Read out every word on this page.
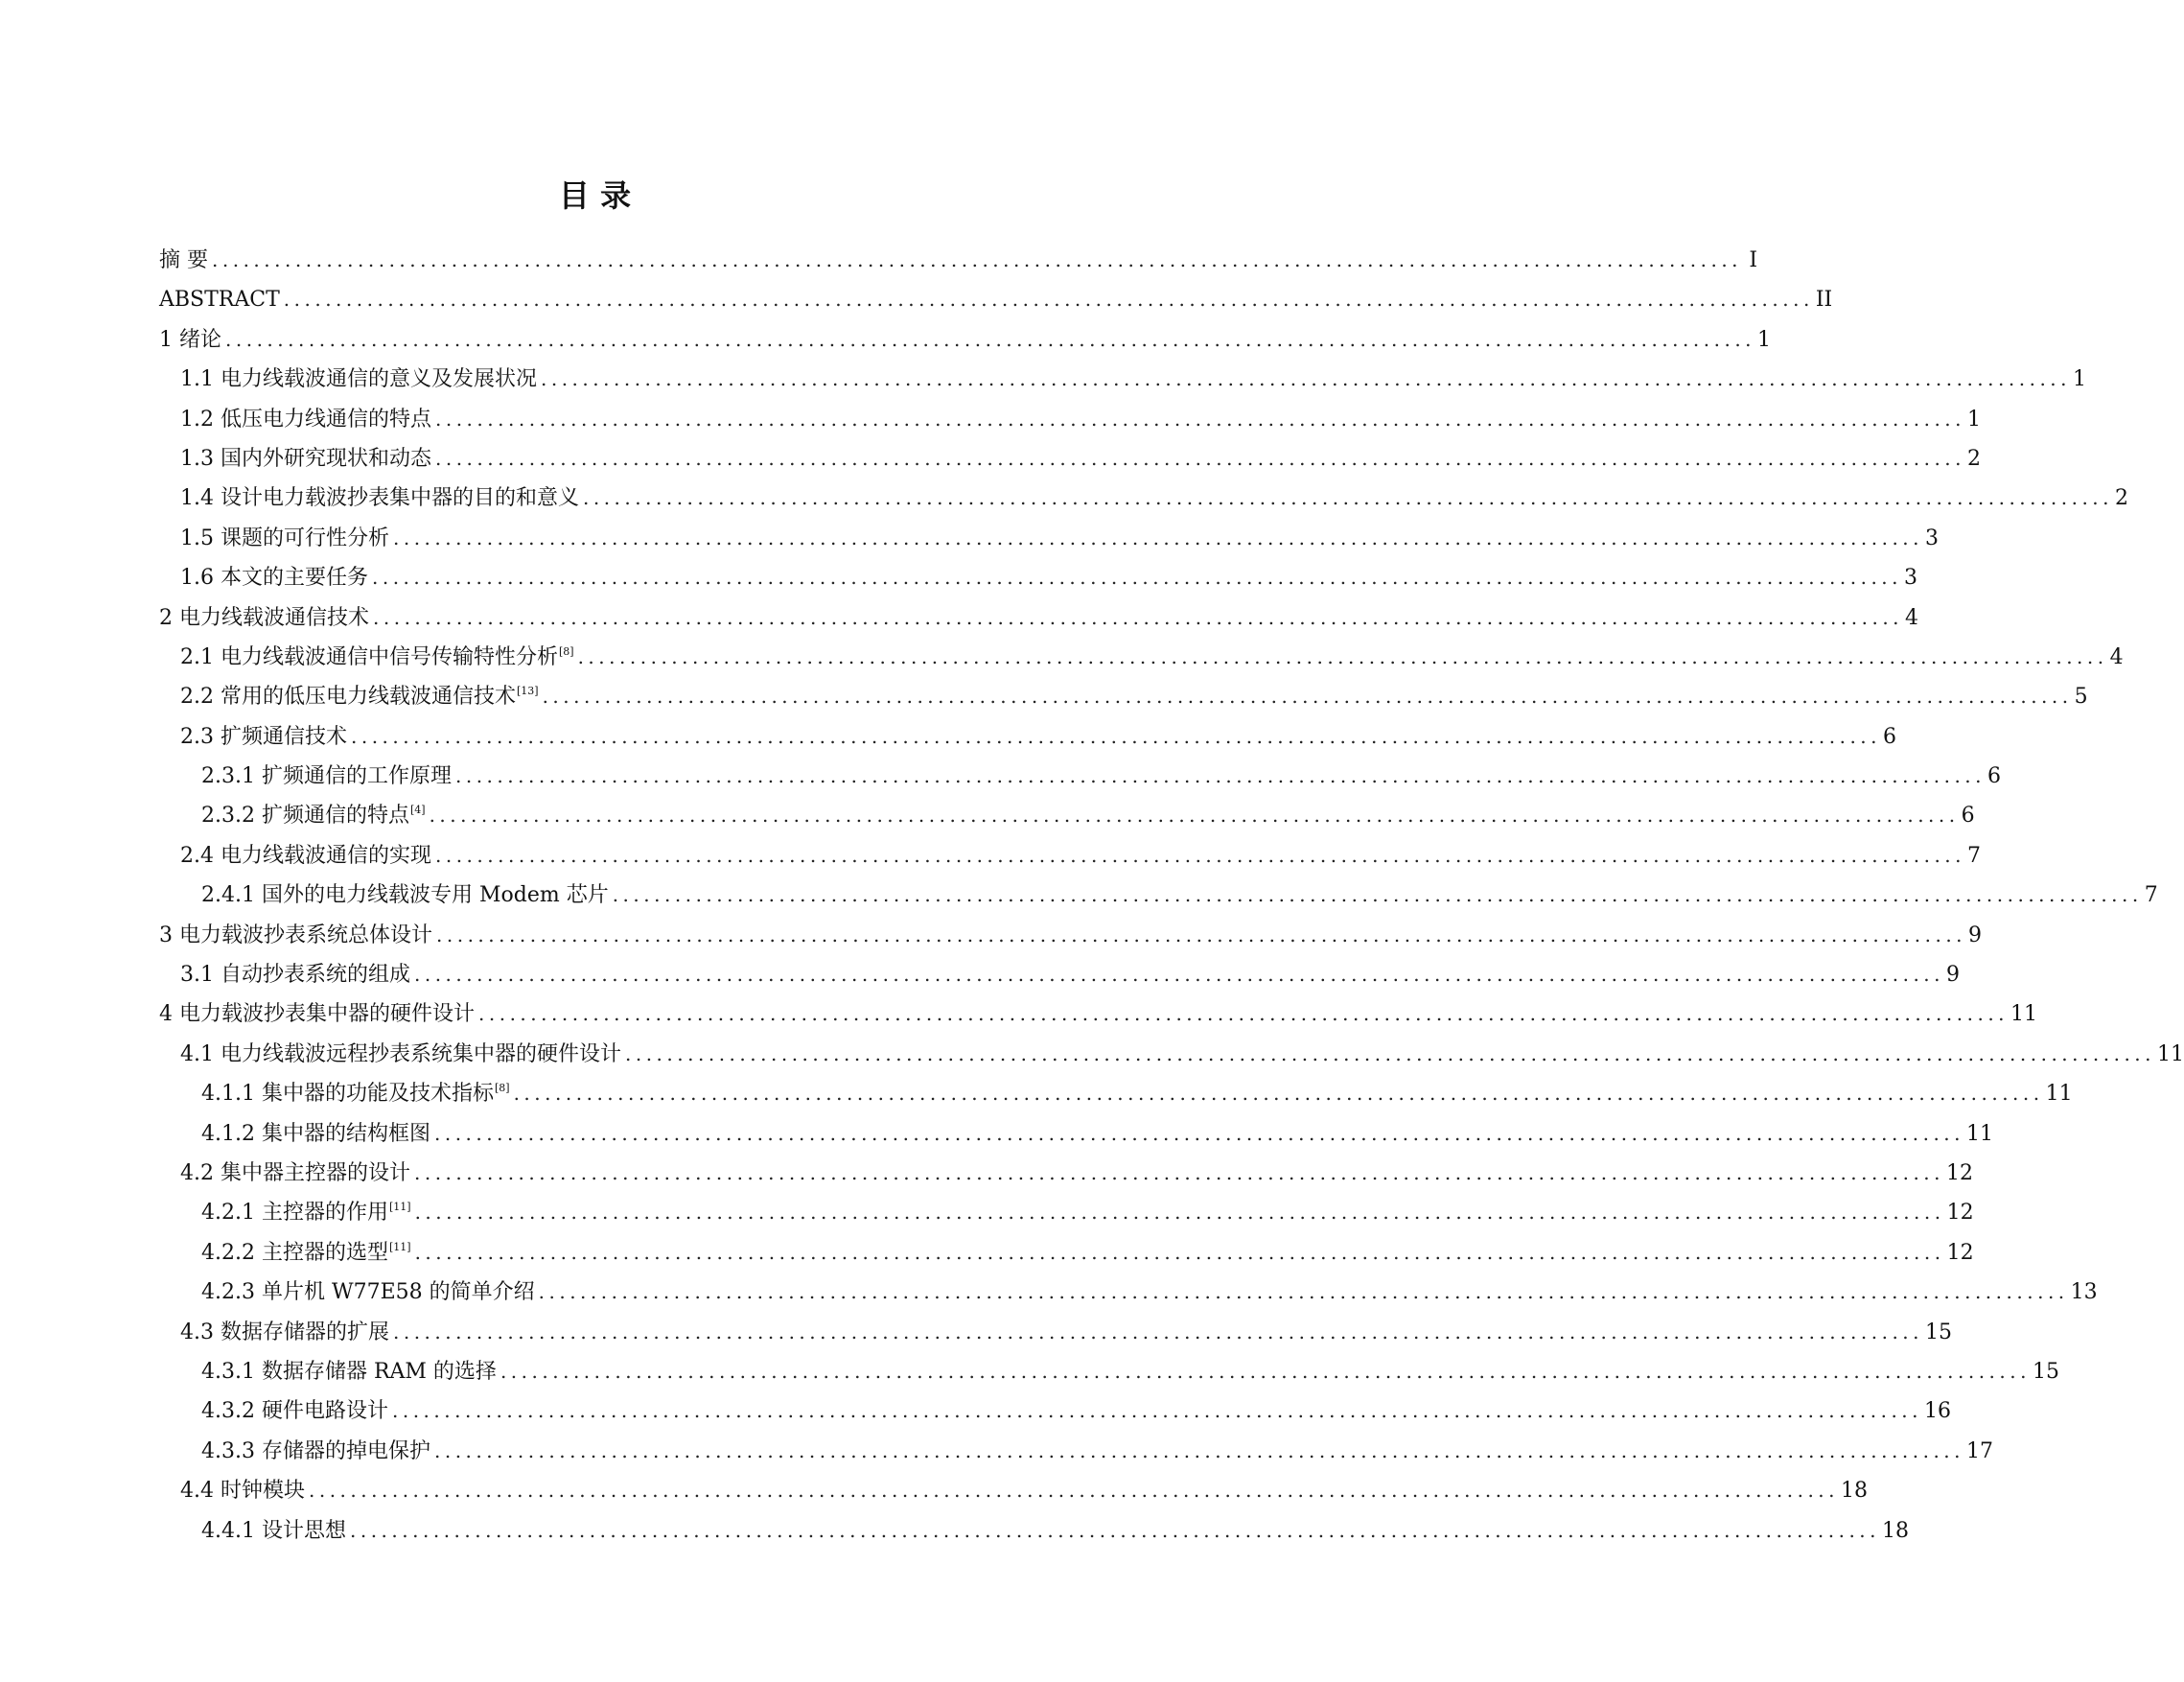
目 录
摘 要 ................................................................................................................................................... I
ABSTRACT ................................................................................................................................................... II
1 绪论 ................................................................................................................................................... 1
1.1 电力线载波通信的意义及发展状况 ................................................................................................................................................... 1
1.2 低压电力线通信的特点 ................................................................................................................................................... 1
1.3 国内外研究现状和动态 ................................................................................................................................................... 2
1.4 设计电力载波抄表集中器的目的和意义 ................................................................................................................................................... 2
1.5 课题的可行性分析 ................................................................................................................................................... 3
1.6 本文的主要任务 ................................................................................................................................................... 3
2 电力线载波通信技术 ................................................................................................................................................... 4
2.1 电力线载波通信中信号传输特性分析[8] ................................................................................................................................................... 4
2.2 常用的低压电力线载波通信技术[13] ................................................................................................................................................... 5
2.3 扩频通信技术 ................................................................................................................................................... 6
2.3.1 扩频通信的工作原理 ................................................................................................................................................... 6
2.3.2 扩频通信的特点[4] ................................................................................................................................................... 6
2.4 电力线载波通信的实现 ................................................................................................................................................... 7
2.4.1 国外的电力线载波专用 Modem 芯片 ................................................................................................................................................... 7
3 电力载波抄表系统总体设计 ................................................................................................................................................... 9
3.1 自动抄表系统的组成 ................................................................................................................................................... 9
4 电力载波抄表集中器的硬件设计 ................................................................................................................................................... 11
4.1 电力线载波远程抄表系统集中器的硬件设计 ................................................................................................................................................... 11
4.1.1 集中器的功能及技术指标[8] ................................................................................................................................................... 11
4.1.2 集中器的结构框图 ................................................................................................................................................... 11
4.2 集中器主控器的设计 ................................................................................................................................................... 12
4.2.1 主控器的作用[11] ................................................................................................................................................... 12
4.2.2 主控器的选型[11] ................................................................................................................................................... 12
4.2.3 单片机 W77E58 的简单介绍 ................................................................................................................................................... 13
4.3 数据存储器的扩展 ................................................................................................................................................... 15
4.3.1 数据存储器 RAM 的选择 ................................................................................................................................................... 15
4.3.2 硬件电路设计 ................................................................................................................................................... 16
4.3.3 存储器的掉电保护 ................................................................................................................................................... 17
4.4 时钟模块 ................................................................................................................................................... 18
4.4.1 设计思想 ................................................................................................................................................... 18
